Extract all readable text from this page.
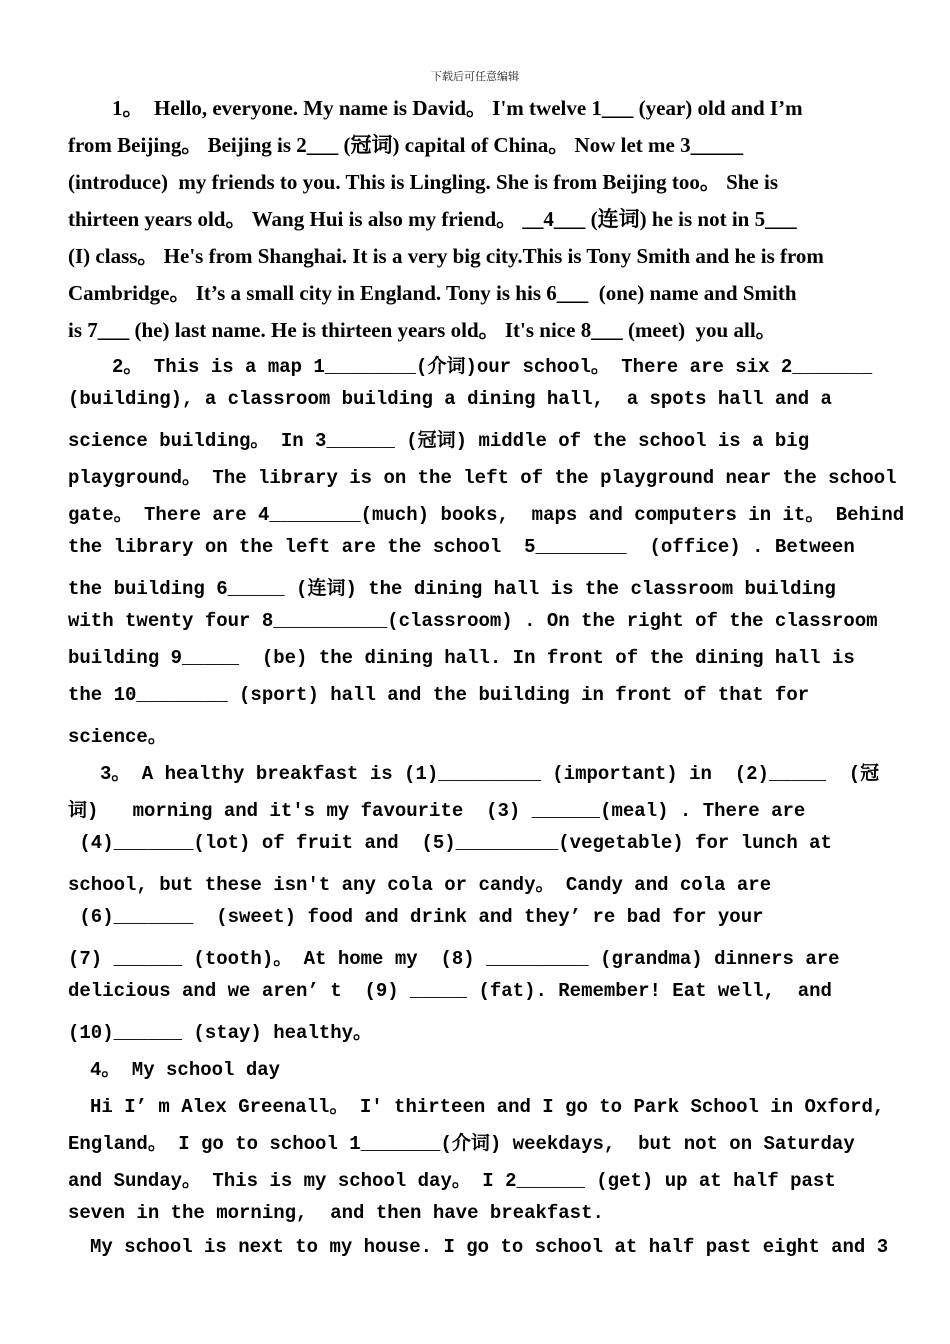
下载后可任意编辑
1。  Hello, everyone. My name is David。 I'm twelve 1___ (year) old and I’m
from Beijing。 Beijing is 2___ (冠词) capital of China。 Now let me 3_____
(introduce)  my friends to you. This is Lingling. She is from Beijing too。 She is
thirteen years old。 Wang Hui is also my friend。 __4___ (连词) he is not in 5___
(I) class。 He's from Shanghai. It is a very big city.This is Tony Smith and he is from
Cambridge。 It’s a small city in England. Tony is his 6___  (one) name and Smith
is 7___ (he) last name. He is thirteen years old。 It's nice 8___ (meet)  you all。
2。 This is a map 1________(介词)our school。 There are six 2_______
(building), a classroom building a dining hall,  a spots hall and a
science building。 In 3______ (冠词) middle of the school is a big
playground。 The library is on the left of the playground near the school
gate。 There are 4________(much) books,  maps and computers in it。 Behind
the library on the left are the school  5________  (office) . Between
the building 6_____ (连词) the dining hall is the classroom building
with twenty four 8__________(classroom) . On the right of the classroom
building 9_____  (be) the dining hall. In front of the dining hall is
the 10________ (sport) hall and the building in front of that for
science。
3。 A healthy breakfast is (1)_________ (important) in  (2)_____  (冠
词)   morning and it's my favourite  (3) ______(meal) . There are
(4)_______(lot) of fruit and  (5)_________(vegetable) for lunch at
school, but these isn't any cola or candy。 Candy and cola are
(6)_______  (sweet) food and drink and they’ re bad for your
(7) ______ (tooth)。 At home my  (8) _________ (grandma) dinners are
delicious and we aren’ t  (9) _____ (fat). Remember! Eat well,  and
(10)______ (stay) healthy。
4。 My school day
Hi I’ m Alex Greenall。 I' thirteen and I go to Park School in Oxford,
England。 I go to school 1_______(介词) weekdays,  but not on Saturday
and Sunday。 This is my school day。 I 2______ (get) up at half past
seven in the morning,  and then have breakfast.
My school is next to my house. I go to school at half past eight and 3
